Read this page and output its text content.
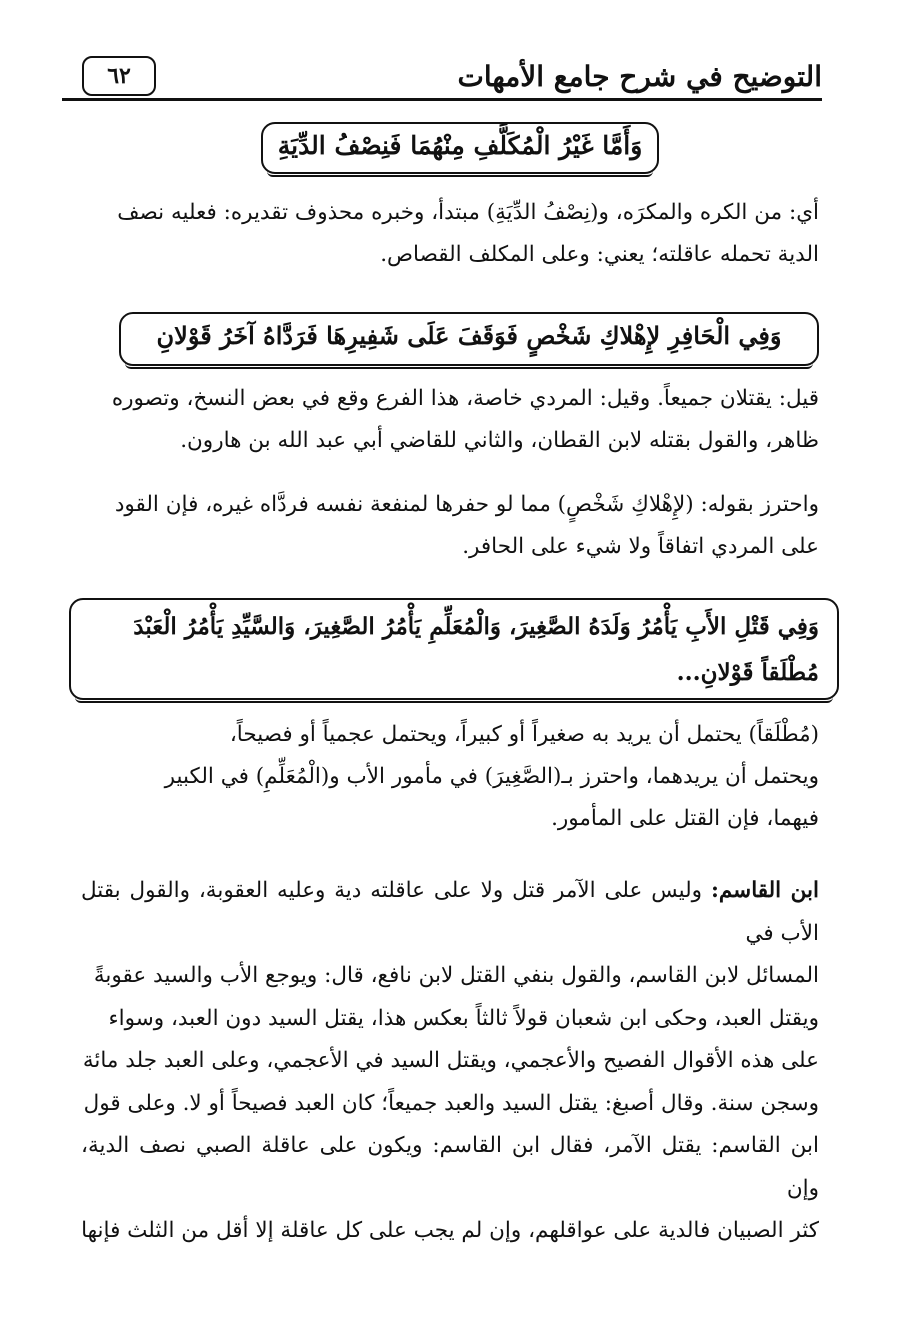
التوضيح في شرح جامع الأمهات
٦٢
وَأَمَّا غَيْرُ الْمُكَلَّفِ مِنْهُمَا فَنِصْفُ الدِّيَةِ
أي: من الكره والمكرَه، و(نِصْفُ الدِّيَةِ) مبتدأ، وخبره محذوف تقديره: فعليه نصف
الدية تحمله عاقلته؛ يعني: وعلى المكلف القصاص.
وَفِي الْحَافِرِ لإِهْلاكِ شَخْصٍ فَوَقَفَ عَلَى شَفِيرِهَا فَرَدَّاهُ آخَرُ قَوْلانِ
قيل: يقتلان جميعاً. وقيل: المردي خاصة، هذا الفرع وقع في بعض النسخ، وتصوره
ظاهر، والقول بقتله لابن القطان، والثاني للقاضي أبي عبد الله بن هارون.
واحترز بقوله: (لإِهْلاكِ شَخْصٍ) مما لو حفرها لمنفعة نفسه فردَّاه غيره، فإن القود
على المردي اتفاقاً ولا شيء على الحافر.
وَفِي قَتْلِ الأَبِ يَأْمُرُ وَلَدَهُ الصَّغِيرَ، وَالْمُعَلِّمِ يَأْمُرُ الصَّغِيرَ، وَالسَّيِّدِ يَأْمُرُ الْعَبْدَ
مُطْلَقاً قَوْلانِ...
(مُطْلَقاً) يحتمل أن يريد به صغيراً أو كبيراً، ويحتمل عجمياً أو فصيحاً،
ويحتمل أن يريدهما، واحترز بـ(الصَّغِيرَ) في مأمور الأب و(الْمُعَلِّمِ) في الكبير
فيهما، فإن القتل على المأمور.
ابن القاسم: وليس على الآمر قتل ولا على عاقلته دية وعليه العقوبة، والقول بقتل الأب في
المسائل لابن القاسم، والقول بنفي القتل لابن نافع، قال: ويوجع الأب والسيد عقوبةً
ويقتل العبد، وحكى ابن شعبان قولاً ثالثاً بعكس هذا، يقتل السيد دون العبد، وسواء
على هذه الأقوال الفصيح والأعجمي، ويقتل السيد في الأعجمي، وعلى العبد جلد مائة
وسجن سنة. وقال أصبغ: يقتل السيد والعبد جميعاً؛ كان العبد فصيحاً أو لا. وعلى قول
ابن القاسم: يقتل الآمر، فقال ابن القاسم: ويكون على عاقلة الصبي نصف الدية، وإن
كثر الصبيان فالدية على عواقلهم، وإن لم يجب على كل عاقلة إلا أقل من الثلث فإنها
